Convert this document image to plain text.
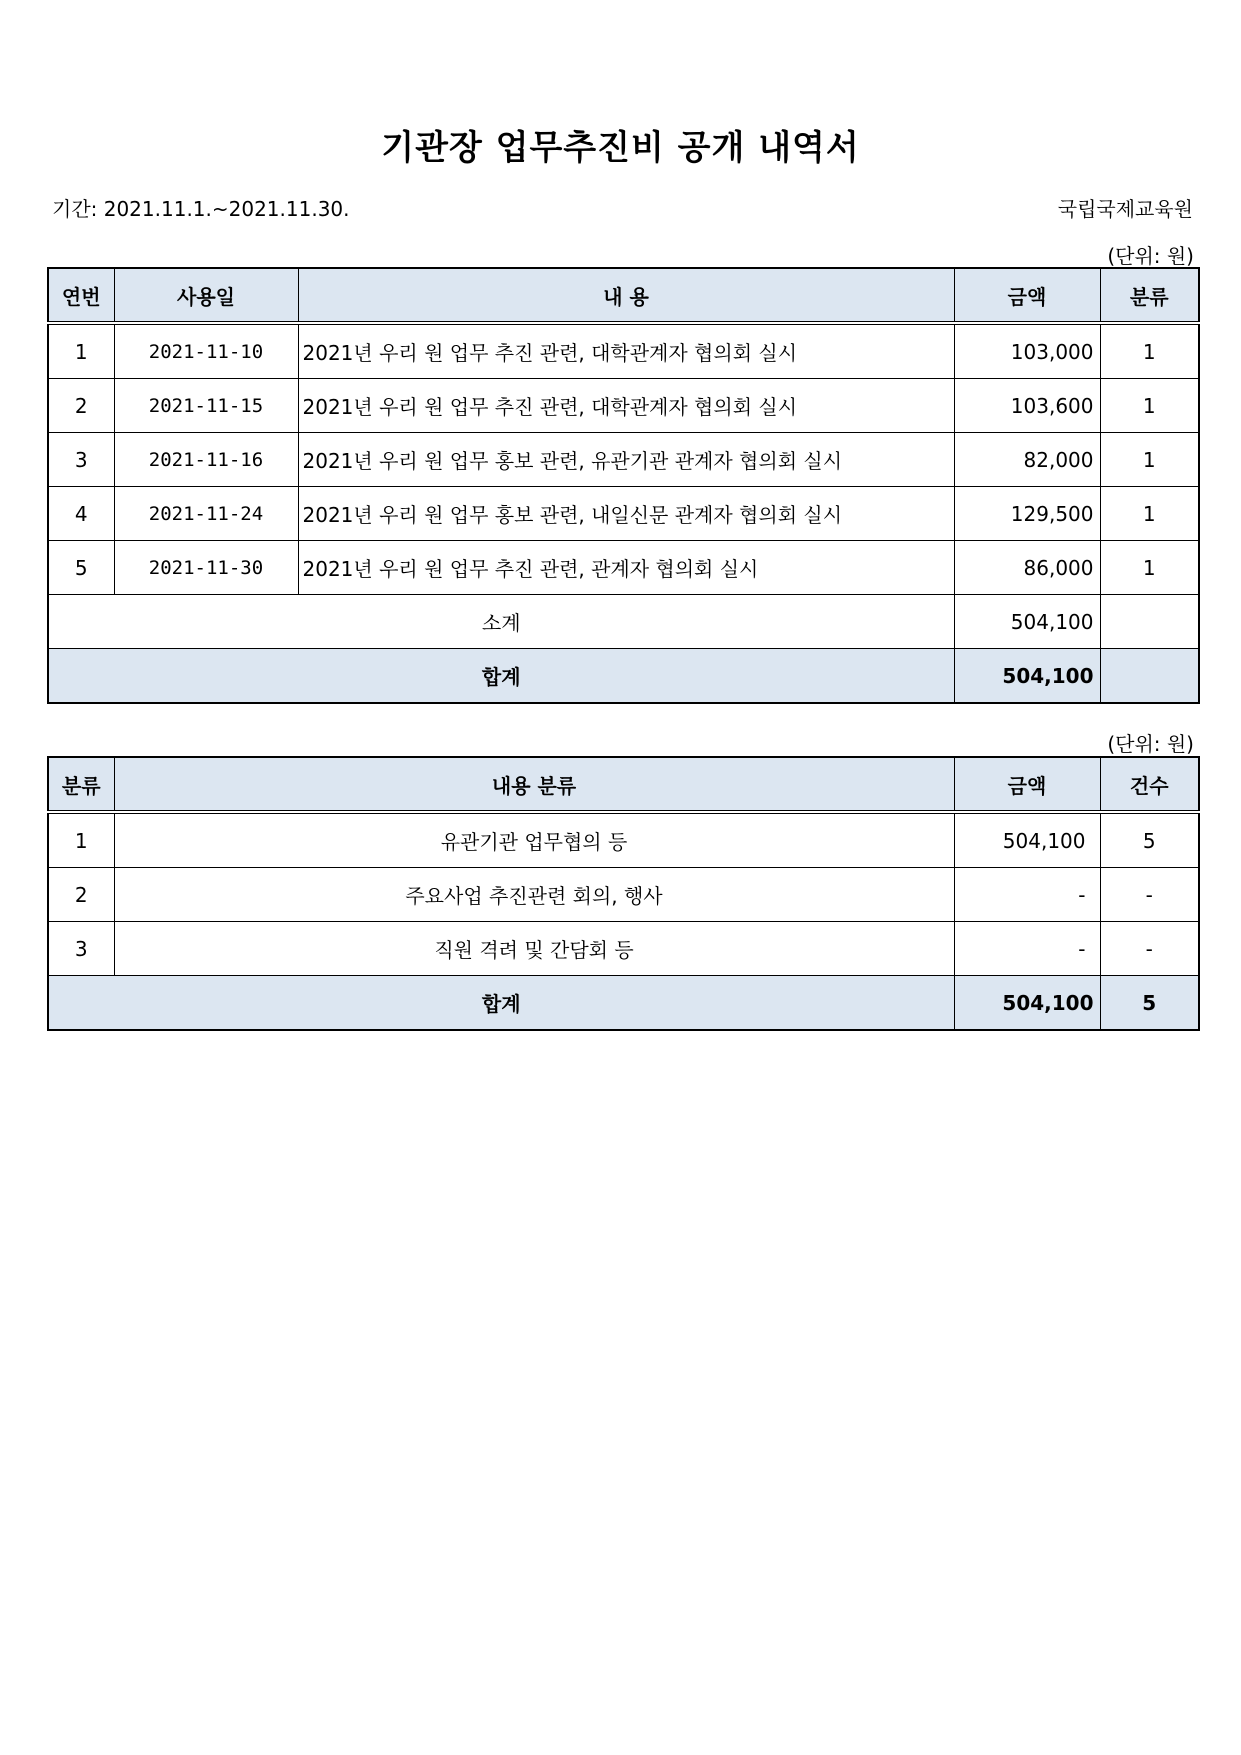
기관장 업무추진비 공개 내역서
기간: 2021.11.1.~2021.11.30.	국립국제교육원
(단위: 원)
연번	사용일	내 용	금액	분류
1	2021-11-10	2021년 우리 원 업무 추진 관련, 대학관계자 협의회 실시	103,000	1
2	2021-11-15	2021년 우리 원 업무 추진 관련, 대학관계자 협의회 실시	103,600	1
3	2021-11-16	2021년 우리 원 업무 홍보 관련, 유관기관 관계자 협의회 실시	82,000	1
4	2021-11-24	2021년 우리 원 업무 홍보 관련, 내일신문 관계자 협의회 실시	129,500	1
5	2021-11-30	2021년 우리 원 업무 추진 관련, 관계자 협의회 실시	86,000	1
소계			504,100	
합계			504,100	
(단위: 원)
분류	내용 분류	금액	건수
1	유관기관 업무협의 등	504,100	5
2	주요사업 추진관련 회의, 행사	-	-
3	직원 격려 및 간담회 등	-	-
합계		504,100	5
